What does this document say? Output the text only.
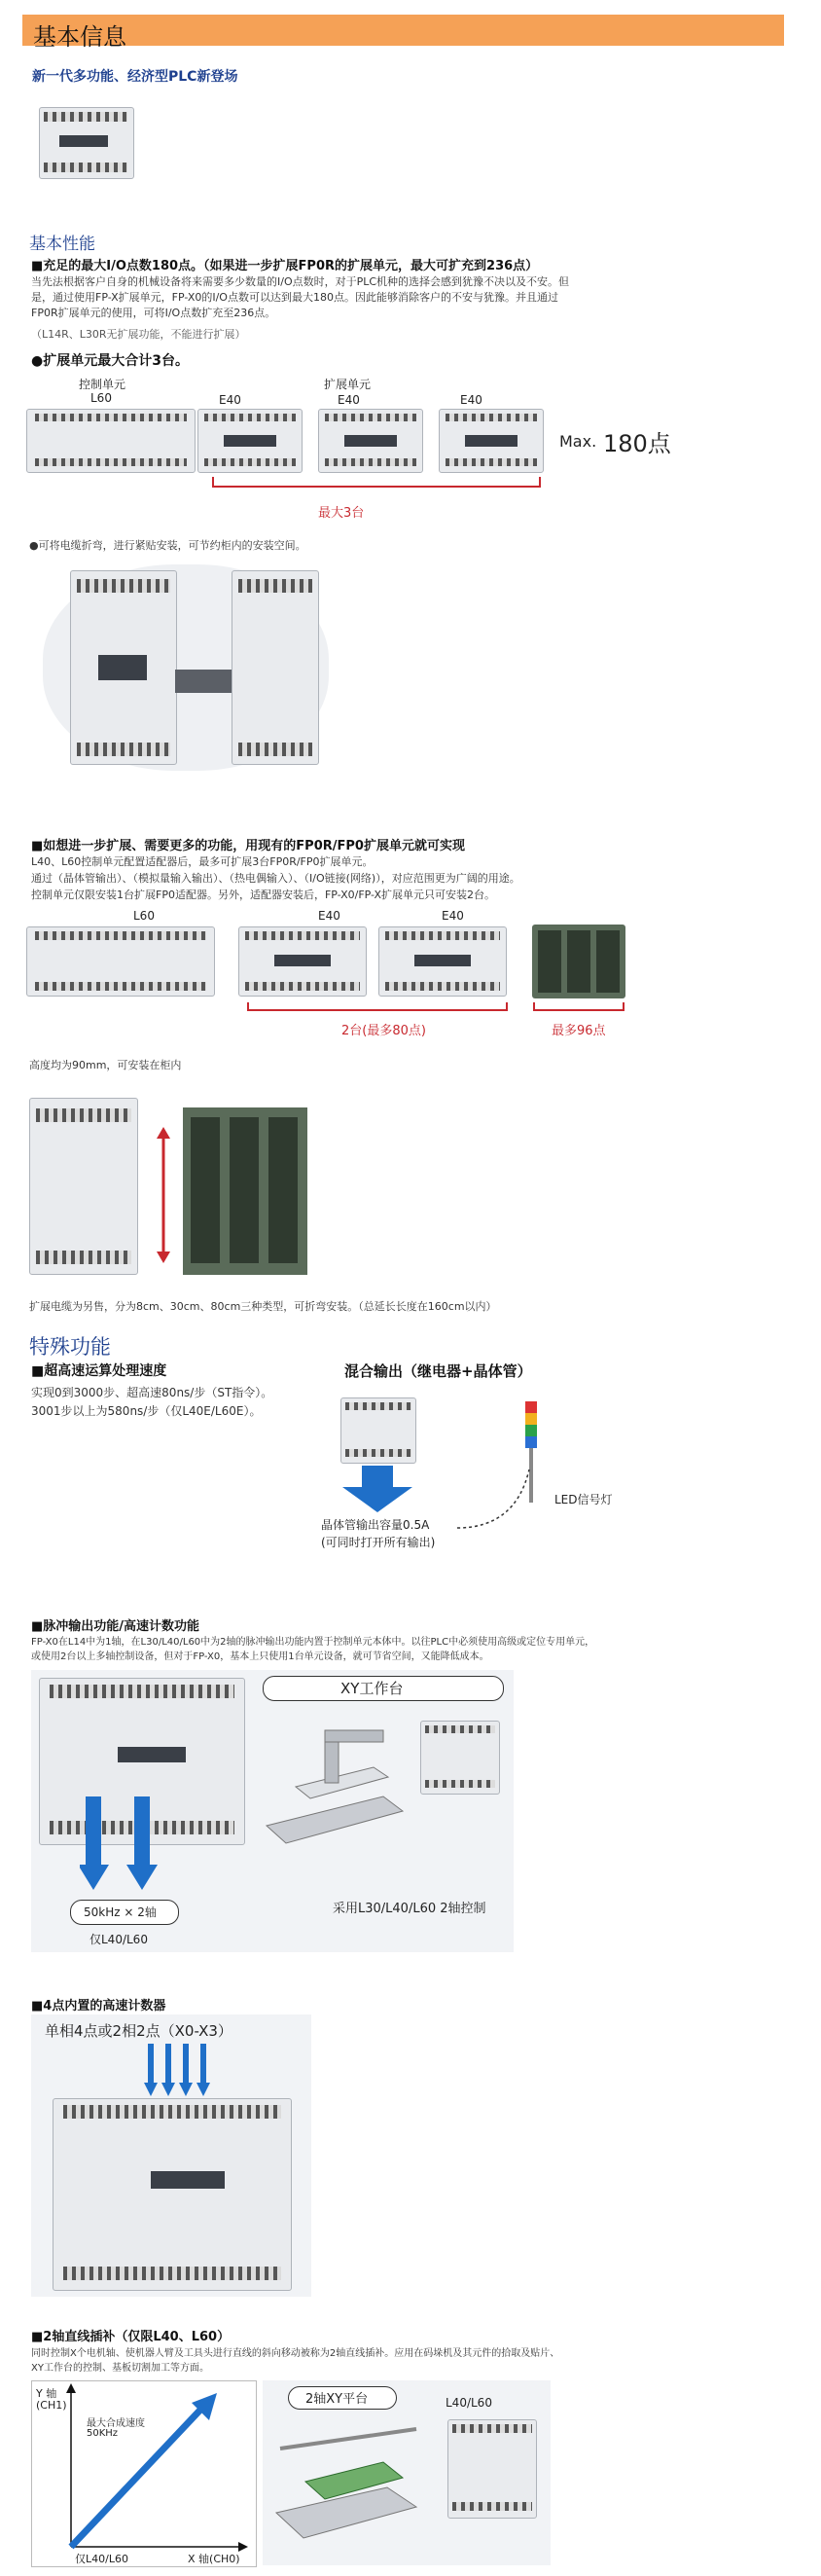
基本信息
新一代多功能、经济型PLC新登场
基本性能
■充足的最大I/O点数180点。（如果进一步扩展FP0R的扩展单元，最大可扩充到236点）
当先法根据客户自身的机械设备将来需要多少数量的I/O点数时，对于PLC机种的选择会感到犹豫不决以及不安。但
是，通过使用FP-X扩展单元，FP-X0的I/O点数可以达到最大180点。因此能够消除客户的不安与犹豫。并且通过
FP0R扩展单元的使用，可将I/O点数扩充至236点。
（L14R、L30R无扩展功能，不能进行扩展）
●扩展单元最大合计3台。
控制单元
L60
扩展单元
E40	E40	E40
Max. 180点
最大3台
●可将电缆折弯，进行紧贴安装，可节约柜内的安装空间。
■如想进一步扩展、需要更多的功能，用现有的FP0R/FP0扩展单元就可实现
L40、L60控制单元配置适配器后，最多可扩展3台FP0R/FP0扩展单元。
通过（晶体管输出）、（模拟量输入输出）、（热电偶输入）、（I/O链接(网络)），对应范围更为广阔的用途。
控制单元仅限安装1台扩展FP0适配器。另外，适配器安装后，FP-X0/FP-X扩展单元只可安装2台。
L60	E40	E40
2台(最多80点)	最多96点
高度均为90mm，可安装在柜内
扩展电缆为另售，分为8cm、30cm、80cm三种类型，可折弯安装。（总延长长度在160cm以内）
特殊功能
■超高速运算处理速度
实现0到3000步、超高速80ns/步（ST指令）。
3001步以上为580ns/步（仅L40E/L60E）。
混合输出（继电器+晶体管）
晶体管输出容量0.5A
(可同时打开所有输出)
LED信号灯
■脉冲输出功能/高速计数功能
FP-X0在L14中为1轴，在L30/L40/L60中为2轴的脉冲输出功能内置于控制单元本体中。以往PLC中必须使用高级或定位专用单元，
或使用2台以上多轴控制设备，但对于FP-X0，基本上只使用1台单元设备，就可节省空间，又能降低成本。
50kHz × 2轴
仅L40/L60
XY工作台
采用L30/L40/L60 2轴控制
■4点内置的高速计数器
单相4点或2相2点（X0-X3）
■2轴直线插补（仅限L40、L60）
同时控制X个电机轴、使机器人臂及工具头进行直线的斜向移动被称为2轴直线插补。应用在码垛机及其元件的拾取及贴片、
XY工作台的控制、基板切割加工等方面。
Y 轴
(CH1)
最大合成速度
50KHz
仅L40/L60	X 轴(CH0)
2轴XY平台	L40/L60
